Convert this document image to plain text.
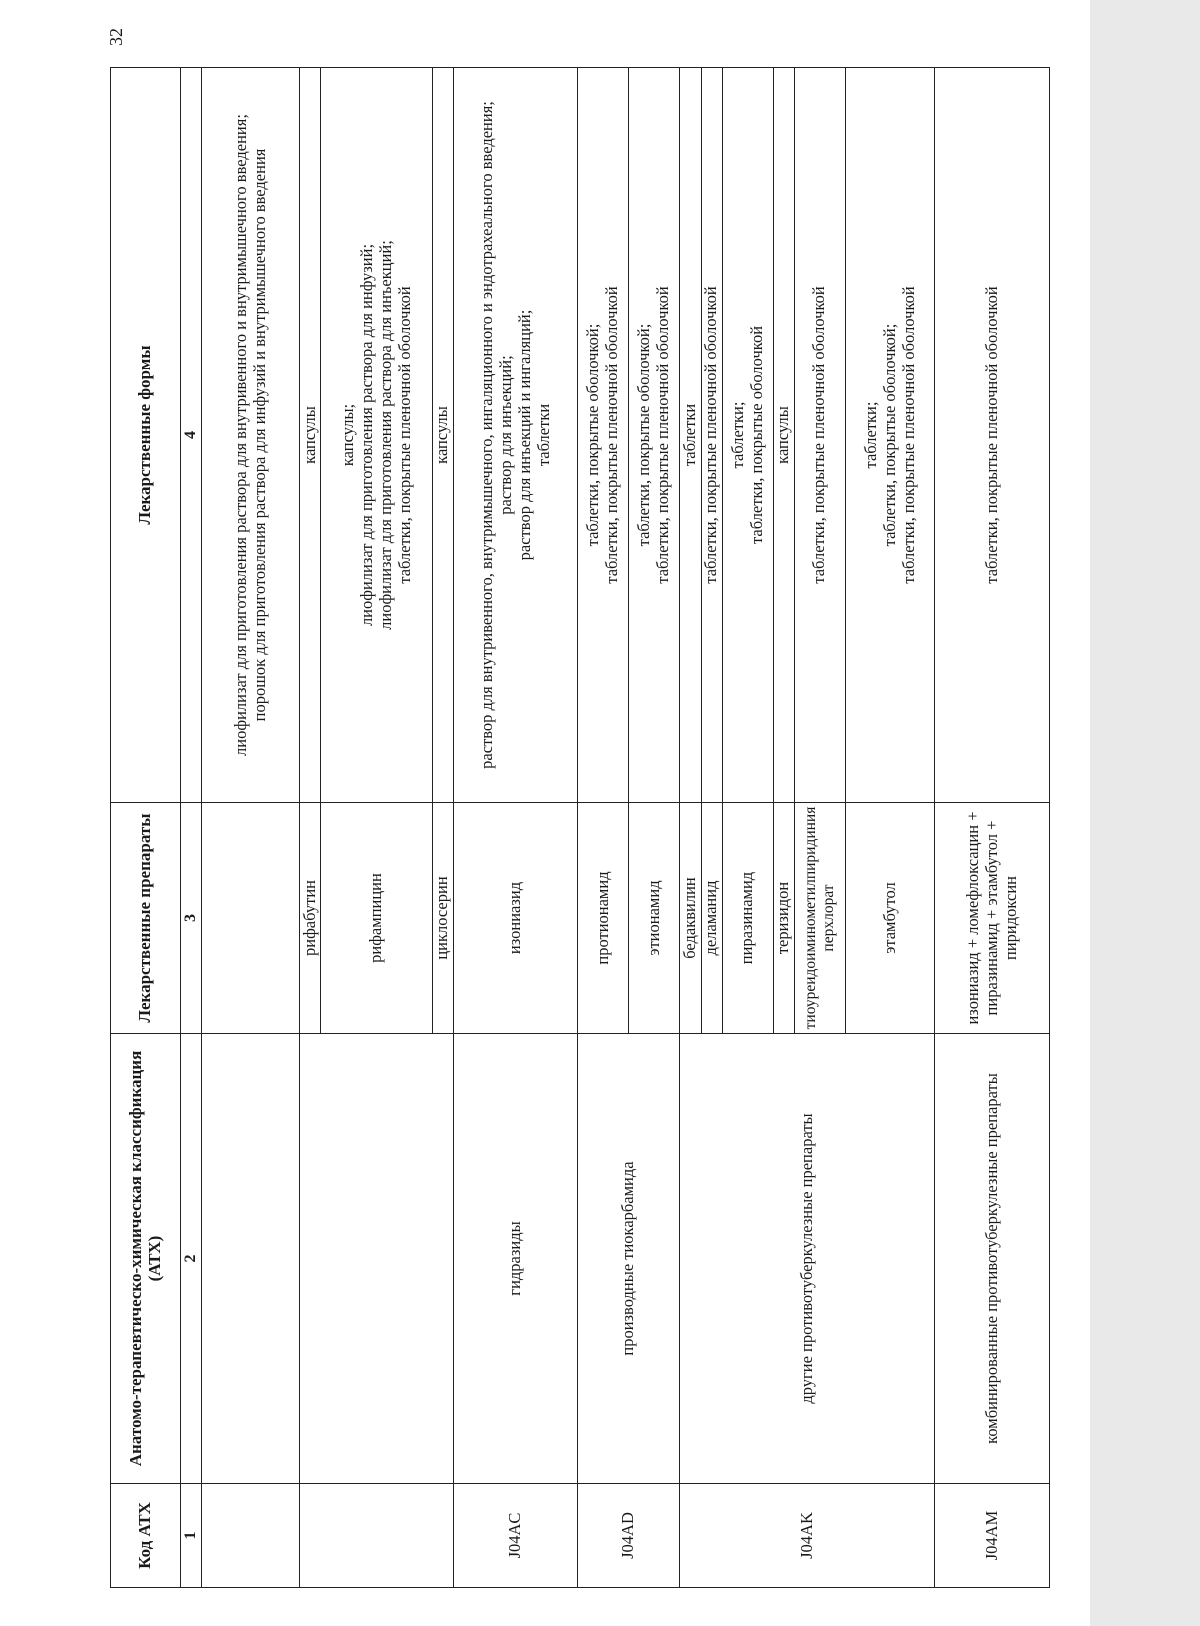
32
Код АТХ	Анатомо-терапевтическо-химическая классификация (АТХ)	Лекарственные препараты	Лекарственные формы
1	2	3	4

			лиофилизат для приготовления раствора для внутривенного и внутримышечного введения; порошок для приготовления раствора для инфузий и внутримышечного введения

		рифабутин	капсулы

		рифампицин	капсулы; лиофилизат для приготовления раствора для инфузий; лиофилизат для приготовления раствора для инъекций; таблетки, покрытые пленочной оболочкой

		циклосерин	капсулы

J04AC	гидразиды	изониазид	раствор для внутривенного, внутримышечного, ингаляционного и эндотрахеального введения; раствор для инъекций; раствор для инъекций и ингаляций; таблетки

J04AD	производные тиокарбамида	протионамид	таблетки, покрытые оболочкой; таблетки, покрытые пленочной оболочкой

		этионамид	таблетки, покрытые оболочкой; таблетки, покрытые пленочной оболочкой

J04AK	другие противотуберкулезные препараты	бедаквилин	таблетки

		деламанид	таблетки, покрытые пленочной оболочкой

		пиразинамид	таблетки; таблетки, покрытые оболочкой

		теризидон	капсулы

		тиоуреидоиминометилпиридиния перхлорат	таблетки, покрытые пленочной оболочкой

		этамбутол	таблетки; таблетки, покрытые оболочкой; таблетки, покрытые пленочной оболочкой

J04AM	комбинированные противотуберкулезные препараты	изониазид + ломефлоксацин + пиразинамид + этамбутол + пиридоксин	таблетки, покрытые пленочной оболочкой
